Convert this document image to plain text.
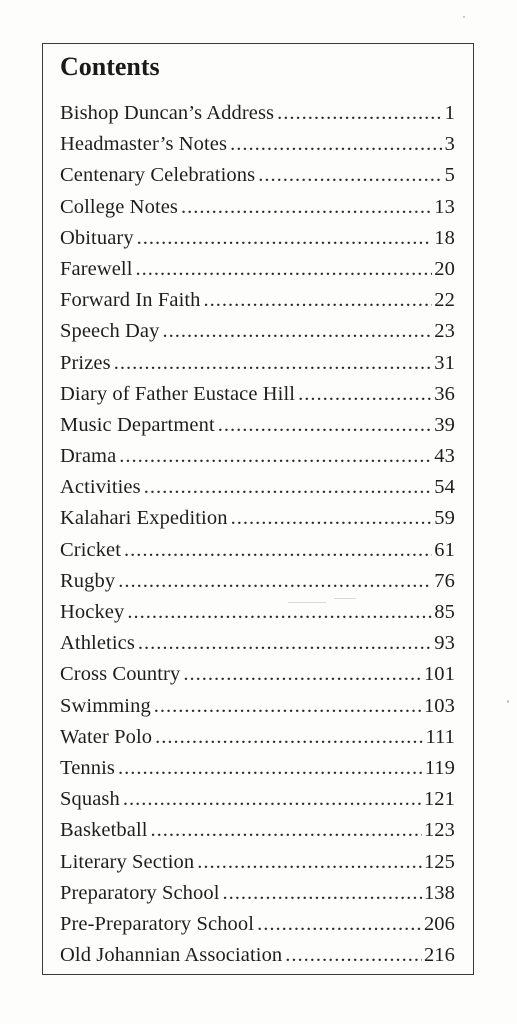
Contents
Bishop Duncan’s Address .....	1
Headmaster’s Notes .....	3
Centenary Celebrations .....	5
College Notes .....	13
Obituary .....	18
Farewell .....	20
Forward In Faith .....	22
Speech Day .....	23
Prizes .....	31
Diary of Father Eustace Hill .....	36
Music Department .....	39
Drama .....	43
Activities .....	54
Kalahari Expedition .....	59
Cricket .....	61
Rugby .....	76
Hockey .....	85
Athletics .....	93
Cross Country .....	101
Swimming .....	103
Water Polo .....	111
Tennis .....	119
Squash .....	121
Basketball .....	123
Literary Section .....	125
Preparatory School .....	138
Pre-Preparatory School .....	206
Old Johannian Association .....	216
